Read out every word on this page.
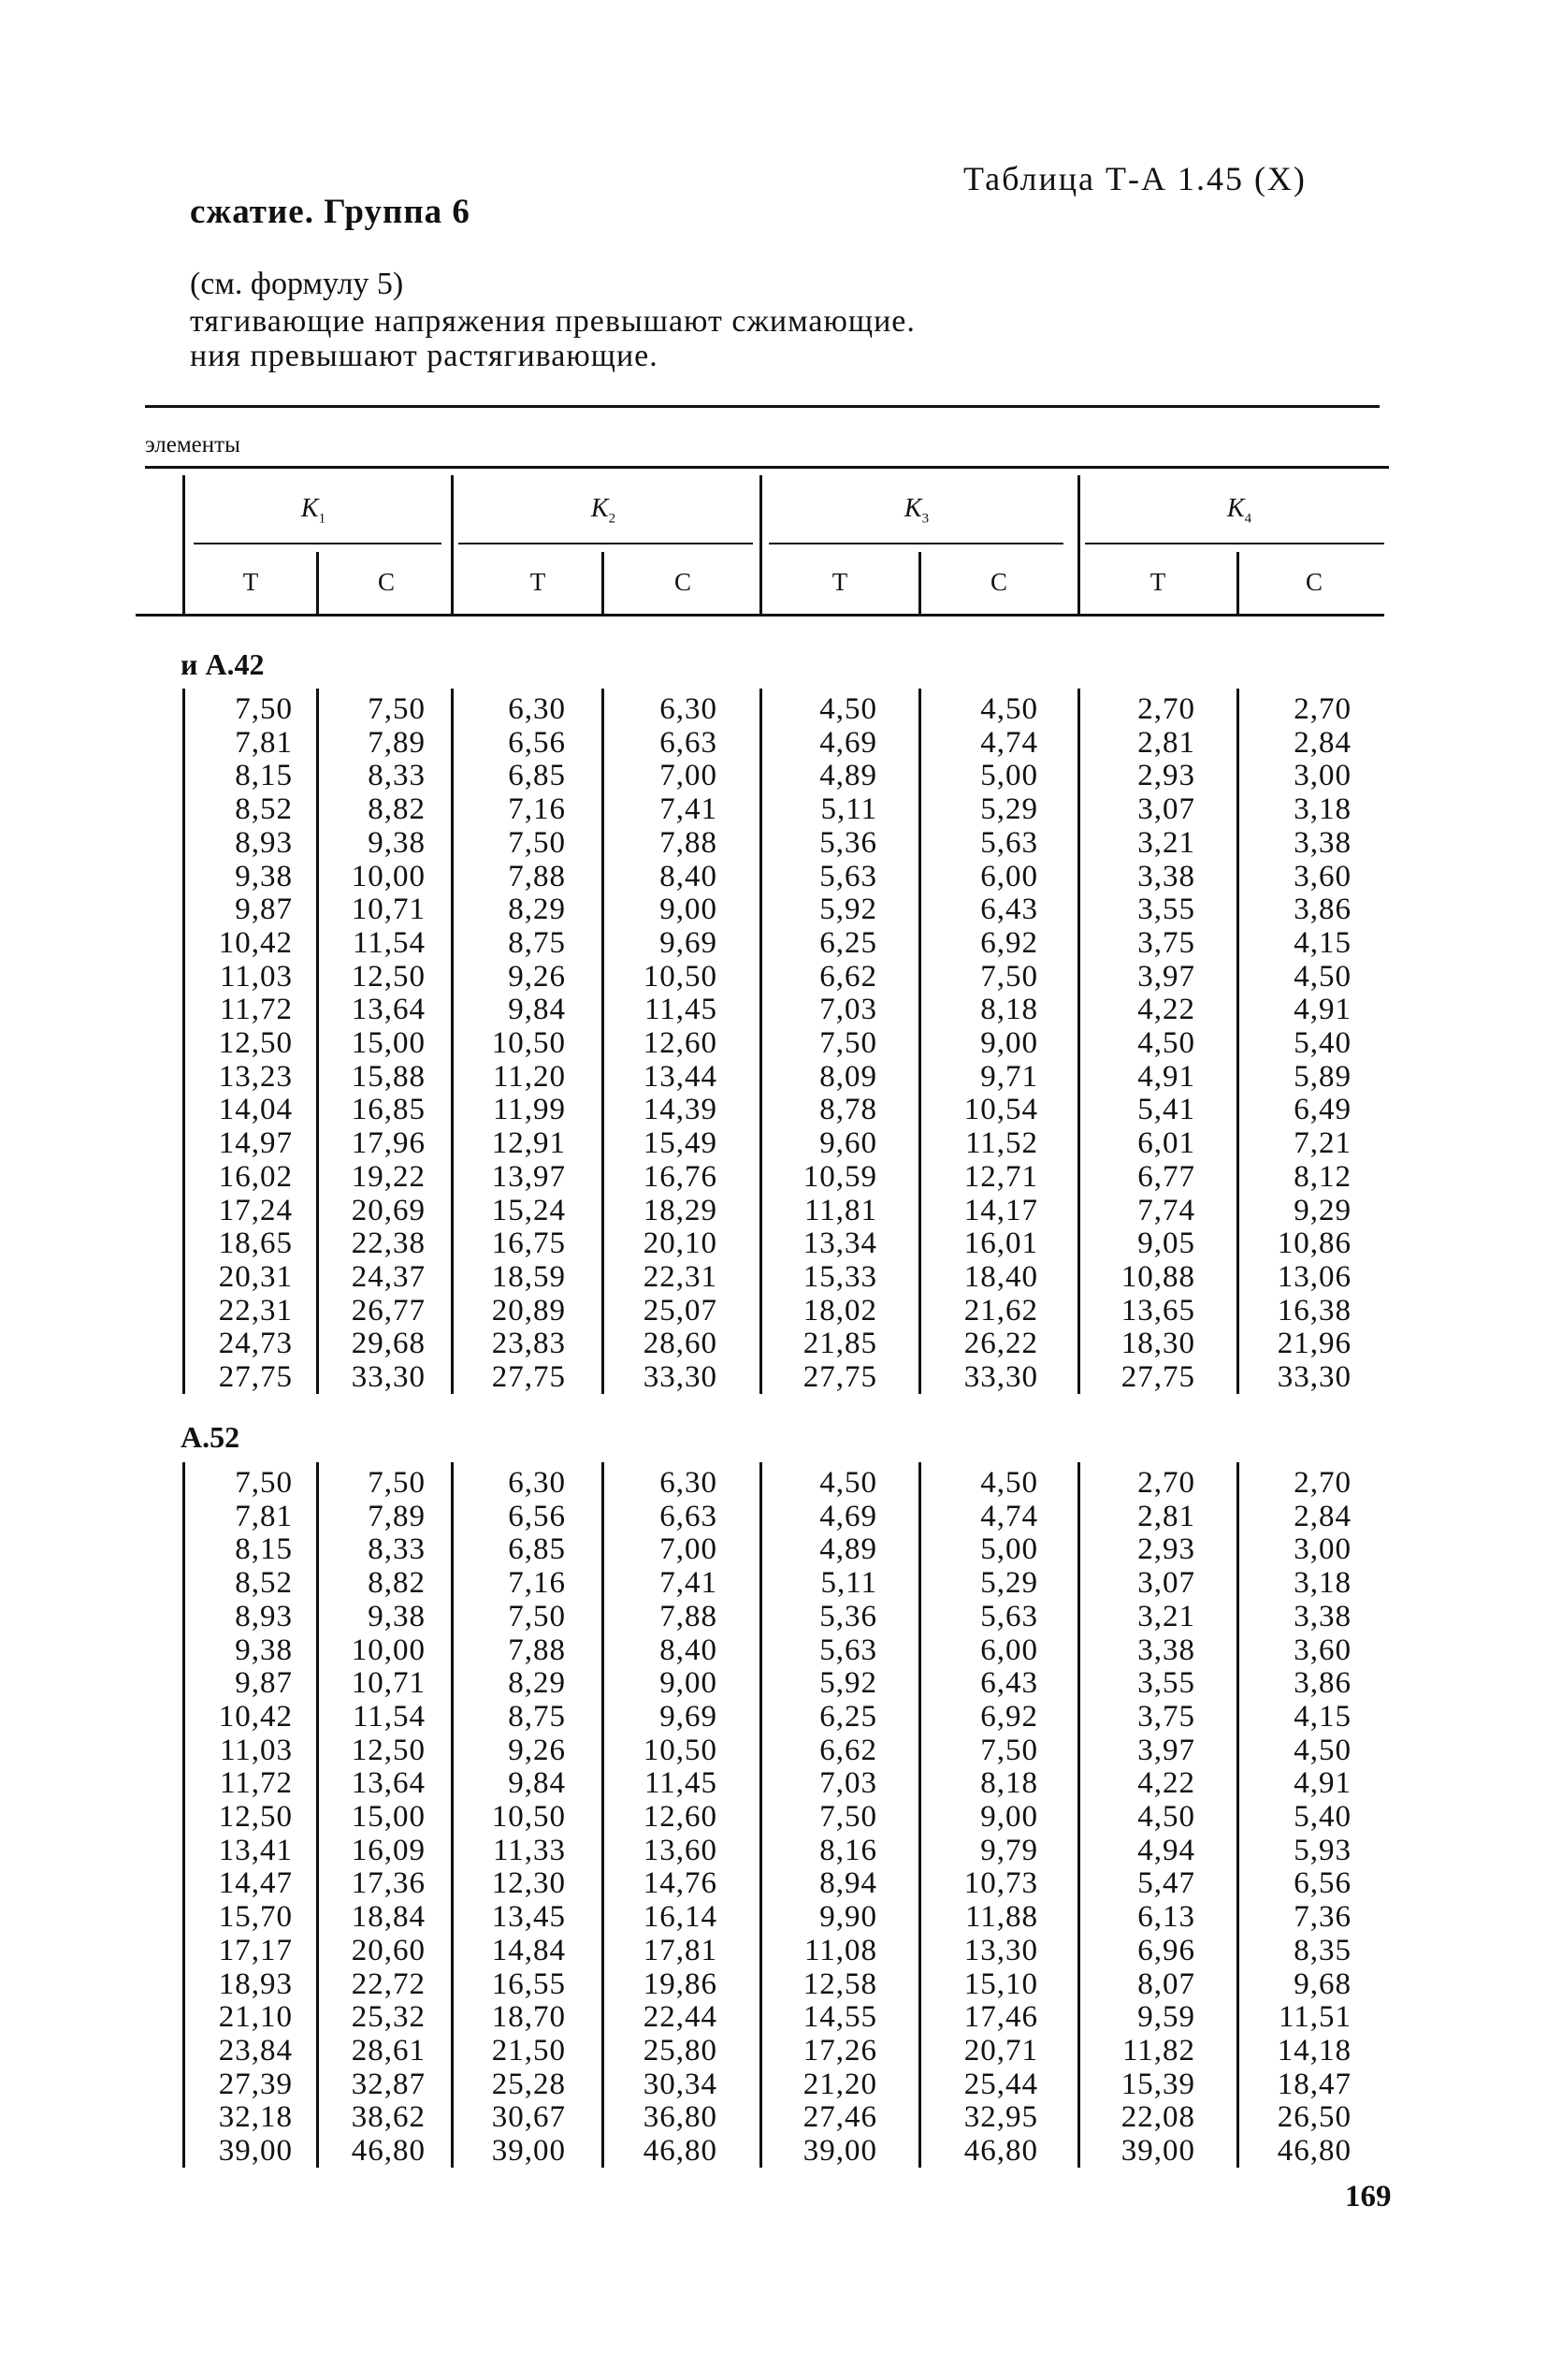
сжатие. Группа 6
Таблица Т-А 1.45 (X)
(см. формулу 5)
тягивающие напряжения превышают сжимающие.
ния превышают растягивающие.
элементы
$K_1$	$K_2$	$K_3$	$K_4$
Т	С	Т	С	Т	С	Т	С
и А.42
А.52
7,50	7,50	6,30	6,30	4,50	4,50	2,70	2,70
7,81	7,89	6,56	6,63	4,69	4,74	2,81	2,84
8,15	8,33	6,85	7,00	4,89	5,00	2,93	3,00
8,52	8,82	7,16	7,41	5,11	5,29	3,07	3,18
8,93	9,38	7,50	7,88	5,36	5,63	3,21	3,38
9,38	10,00	7,88	8,40	5,63	6,00	3,38	3,60
9,87	10,71	8,29	9,00	5,92	6,43	3,55	3,86
10,42	11,54	8,75	9,69	6,25	6,92	3,75	4,15
11,03	12,50	9,26	10,50	6,62	7,50	3,97	4,50
11,72	13,64	9,84	11,45	7,03	8,18	4,22	4,91
12,50	15,00	10,50	12,60	7,50	9,00	4,50	5,40
13,23	15,88	11,20	13,44	8,09	9,71	4,91	5,89
14,04	16,85	11,99	14,39	8,78	10,54	5,41	6,49
14,97	17,96	12,91	15,49	9,60	11,52	6,01	7,21
16,02	19,22	13,97	16,76	10,59	12,71	6,77	8,12
17,24	20,69	15,24	18,29	11,81	14,17	7,74	9,29
18,65	22,38	16,75	20,10	13,34	16,01	9,05	10,86
20,31	24,37	18,59	22,31	15,33	18,40	10,88	13,06
22,31	26,77	20,89	25,07	18,02	21,62	13,65	16,38
24,73	29,68	23,83	28,60	21,85	26,22	18,30	21,96
27,75	33,30	27,75	33,30	27,75	33,30	27,75	33,30
7,50	7,50	6,30	6,30	4,50	4,50	2,70	2,70
7,81	7,89	6,56	6,63	4,69	4,74	2,81	2,84
8,15	8,33	6,85	7,00	4,89	5,00	2,93	3,00
8,52	8,82	7,16	7,41	5,11	5,29	3,07	3,18
8,93	9,38	7,50	7,88	5,36	5,63	3,21	3,38
9,38	10,00	7,88	8,40	5,63	6,00	3,38	3,60
9,87	10,71	8,29	9,00	5,92	6,43	3,55	3,86
10,42	11,54	8,75	9,69	6,25	6,92	3,75	4,15
11,03	12,50	9,26	10,50	6,62	7,50	3,97	4,50
11,72	13,64	9,84	11,45	7,03	8,18	4,22	4,91
12,50	15,00	10,50	12,60	7,50	9,00	4,50	5,40
13,41	16,09	11,33	13,60	8,16	9,79	4,94	5,93
14,47	17,36	12,30	14,76	8,94	10,73	5,47	6,56
15,70	18,84	13,45	16,14	9,90	11,88	6,13	7,36
17,17	20,60	14,84	17,81	11,08	13,30	6,96	8,35
18,93	22,72	16,55	19,86	12,58	15,10	8,07	9,68
21,10	25,32	18,70	22,44	14,55	17,46	9,59	11,51
23,84	28,61	21,50	25,80	17,26	20,71	11,82	14,18
27,39	32,87	25,28	30,34	21,20	25,44	15,39	18,47
32,18	38,62	30,67	36,80	27,46	32,95	22,08	26,50
39,00	46,80	39,00	46,80	39,00	46,80	39,00	46,80
169
